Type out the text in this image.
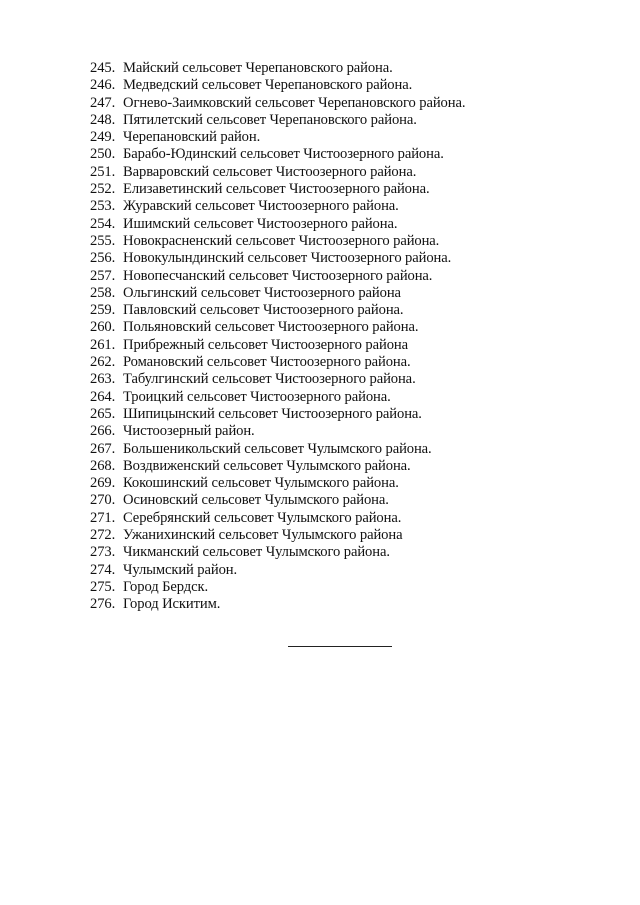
245. Майский сельсовет Черепановского района.
246. Медведский сельсовет Черепановского района.
247. Огнево-Заимковский сельсовет Черепановского района.
248. Пятилетский сельсовет Черепановского района.
249. Черепановский район.
250. Барабо-Юдинский сельсовет Чистоозерного района.
251. Варваровский сельсовет Чистоозерного района.
252. Елизаветинский сельсовет Чистоозерного района.
253. Журавский сельсовет Чистоозерного района.
254. Ишимский сельсовет Чистоозерного района.
255. Новокрасненский сельсовет Чистоозерного района.
256. Новокулындинский сельсовет Чистоозерного района.
257. Новопесчанский сельсовет Чистоозерного района.
258. Ольгинский сельсовет Чистоозерного района
259. Павловский сельсовет Чистоозерного района.
260. Польяновский сельсовет Чистоозерного района.
261. Прибрежный сельсовет Чистоозерного района
262. Романовский сельсовет Чистоозерного района.
263. Табулгинский сельсовет Чистоозерного района.
264. Троицкий сельсовет Чистоозерного района.
265. Шипицынский сельсовет Чистоозерного района.
266. Чистоозерный район.
267. Большеникольский сельсовет Чулымского района.
268. Воздвиженский сельсовет Чулымского района.
269. Кокошинский сельсовет Чулымского района.
270. Осиновский сельсовет Чулымского района.
271. Серебрянский сельсовет Чулымского района.
272. Ужанихинский сельсовет Чулымского района
273. Чикманский сельсовет Чулымского района.
274. Чулымский район.
275. Город Бердск.
276. Город Искитим.
